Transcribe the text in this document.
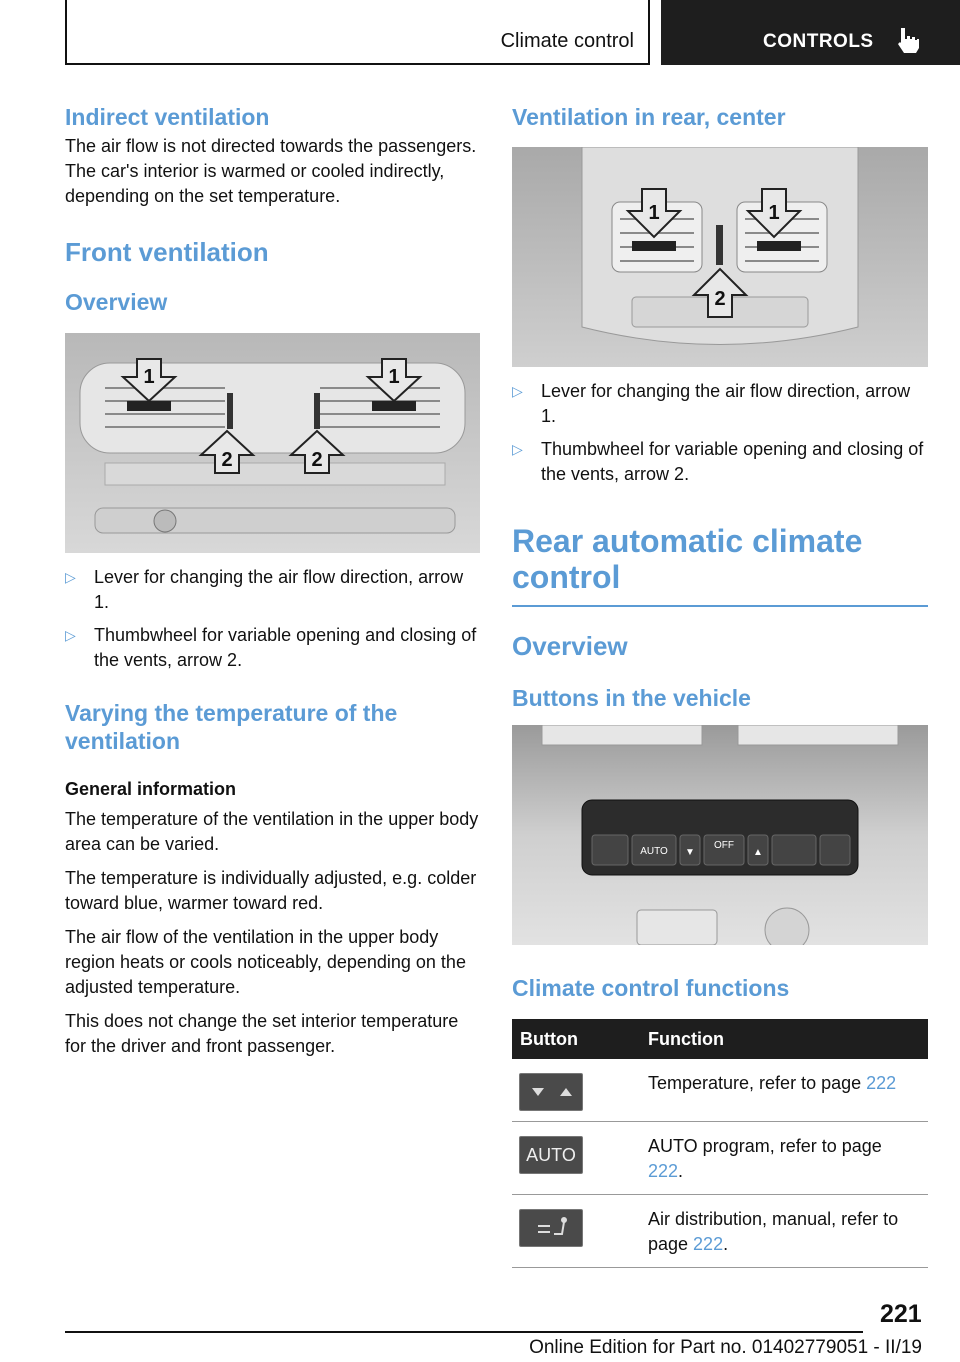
Climate control	CONTROLS
Indirect ventilation

The air flow is not directed towards the passengers. The car's interior is warmed or cooled indirectly, depending on the set temperature.

Front ventilation
Overview
1	1
2	2
▷ Lever for changing the air flow direction, arrow 1.
▷ Thumbwheel for variable opening and closing of the vents, arrow 2.
Varying the temperature of the ventilation
General information

The temperature of the ventilation in the upper body area can be varied.

The temperature is individually adjusted, e.g. colder toward blue, warmer toward red.

The air flow of the ventilation in the upper body region heats or cools noticeably, depending on the adjusted temperature.

This does not change the set interior temperature for the driver and front passenger.

Ventilation in rear, center
1	1
2
▷ Lever for changing the air flow direction, arrow 1.
▷ Thumbwheel for variable opening and closing of the vents, arrow 2.
Rear automatic climate control
Overview
Buttons in the vehicle
AUTO
OFF
▼	▲
Climate control functions
Button	Function

	Temperature, refer to page 222

AUTO	AUTO program, refer to page 222.

	Air distribution, manual, refer to page 222.
221
Online Edition for Part no. 01402779051 - II/19
